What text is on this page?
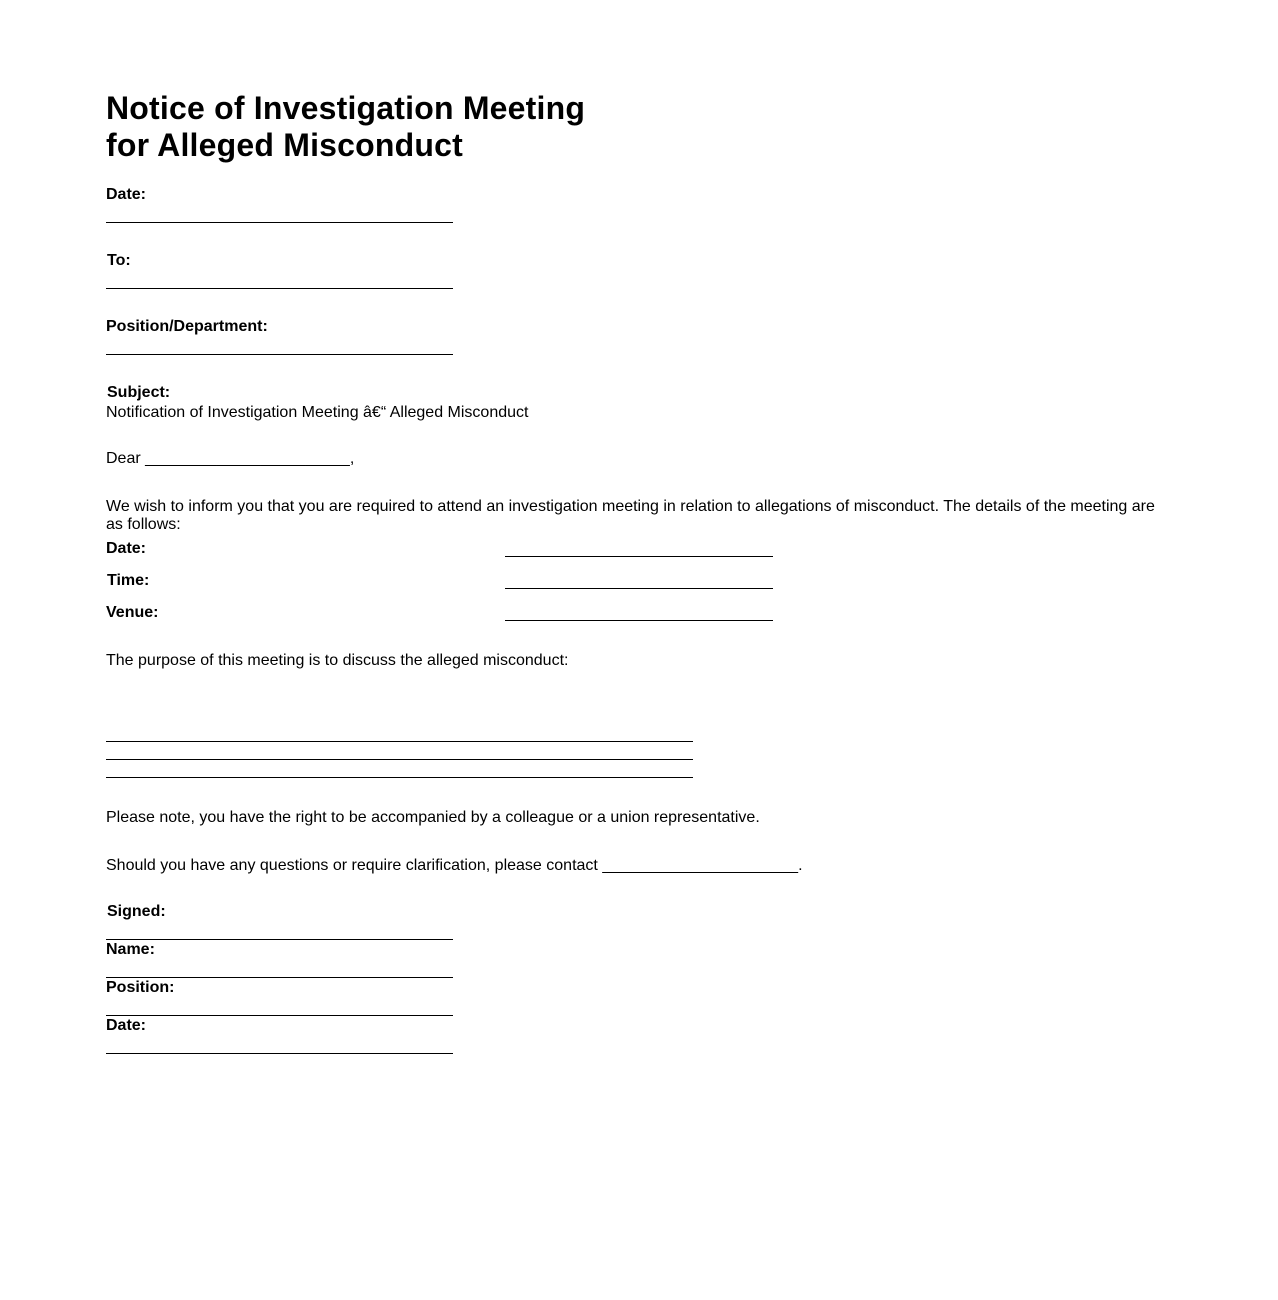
Notice of Investigation Meeting
for Alleged Misconduct
Date:
To:
Position/Department:
Subject:
Notification of Investigation Meeting â€“ Alleged Misconduct
Dear _______________________,
We wish to inform you that you are required to attend an investigation meeting in relation to allegations of misconduct. The details of the meeting are as follows:
Date:
Time:
Venue:
The purpose of this meeting is to discuss the alleged misconduct:
Please note, you have the right to be accompanied by a colleague or a union representative.
Should you have any questions or require clarification, please contact ______________________.
Signed:
Name:
Position:
Date:
